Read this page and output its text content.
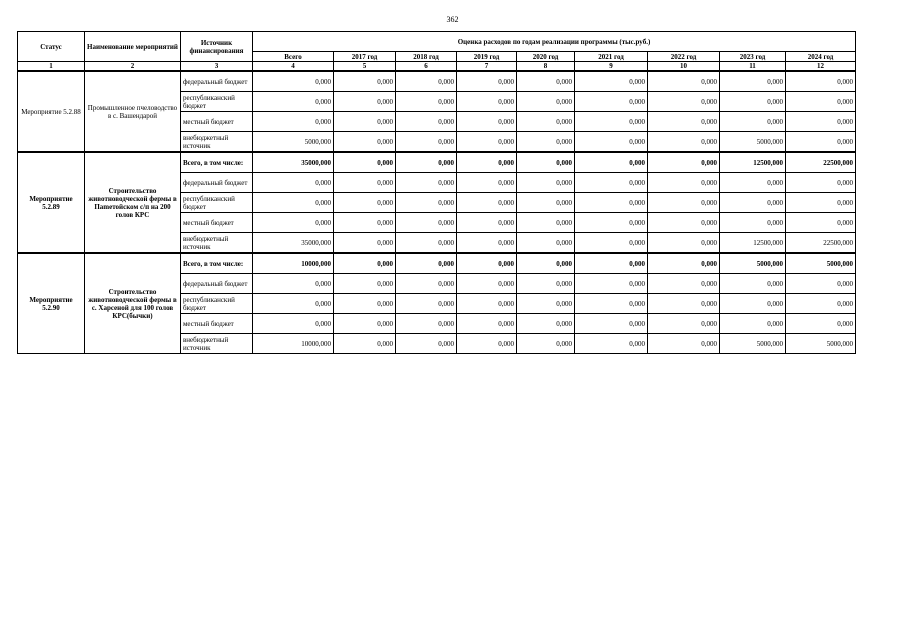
362
Статус	Наименование мероприятий	Источник финансирования	Оценка расходов по годам реализации программы (тыс.руб.)								
			Всего	2017 год	2018 год	2019 год	2020 год	2021 год	2022 год	2023 год	2024 год
1	2	3	4	5	6	7	8	9	10	11	12
Мероприятие 5.2.88	Промышленное пчеловодство в с. Вашендарой	федеральный бюджет	0,000	0,000	0,000	0,000	0,000	0,000	0,000	0,000	0,000
		республиканский бюджет	0,000	0,000	0,000	0,000	0,000	0,000	0,000	0,000	0,000
		местный бюджет	0,000	0,000	0,000	0,000	0,000	0,000	0,000	0,000	0,000
		внебюджетный источник	5000,000	0,000	0,000	0,000	0,000	0,000	0,000	5000,000	0,000
Мероприятие 5.2.89	Строительство животноводческой фермы в Пameтойском с/п на 200 голов КРС	Всего, в том числе:	35000,000	0,000	0,000	0,000	0,000	0,000	0,000	12500,000	22500,000
		федеральный бюджет	0,000	0,000	0,000	0,000	0,000	0,000	0,000	0,000	0,000
		республиканский бюджет	0,000	0,000	0,000	0,000	0,000	0,000	0,000	0,000	0,000
		местный бюджет	0,000	0,000	0,000	0,000	0,000	0,000	0,000	0,000	0,000
		внебюджетный источник	35000,000	0,000	0,000	0,000	0,000	0,000	0,000	12500,000	22500,000
Мероприятие 5.2.90	Строительство животноводческой фермы в с. Харсеной для 100 голов КРС(бычки)	Всего, в том числе:	10000,000	0,000	0,000	0,000	0,000	0,000	0,000	5000,000	5000,000
		федеральный бюджет	0,000	0,000	0,000	0,000	0,000	0,000	0,000	0,000	0,000
		республиканский бюджет	0,000	0,000	0,000	0,000	0,000	0,000	0,000	0,000	0,000
		местный бюджет	0,000	0,000	0,000	0,000	0,000	0,000	0,000	0,000	0,000
		внебюджетный источник	10000,000	0,000	0,000	0,000	0,000	0,000	0,000	5000,000	5000,000
